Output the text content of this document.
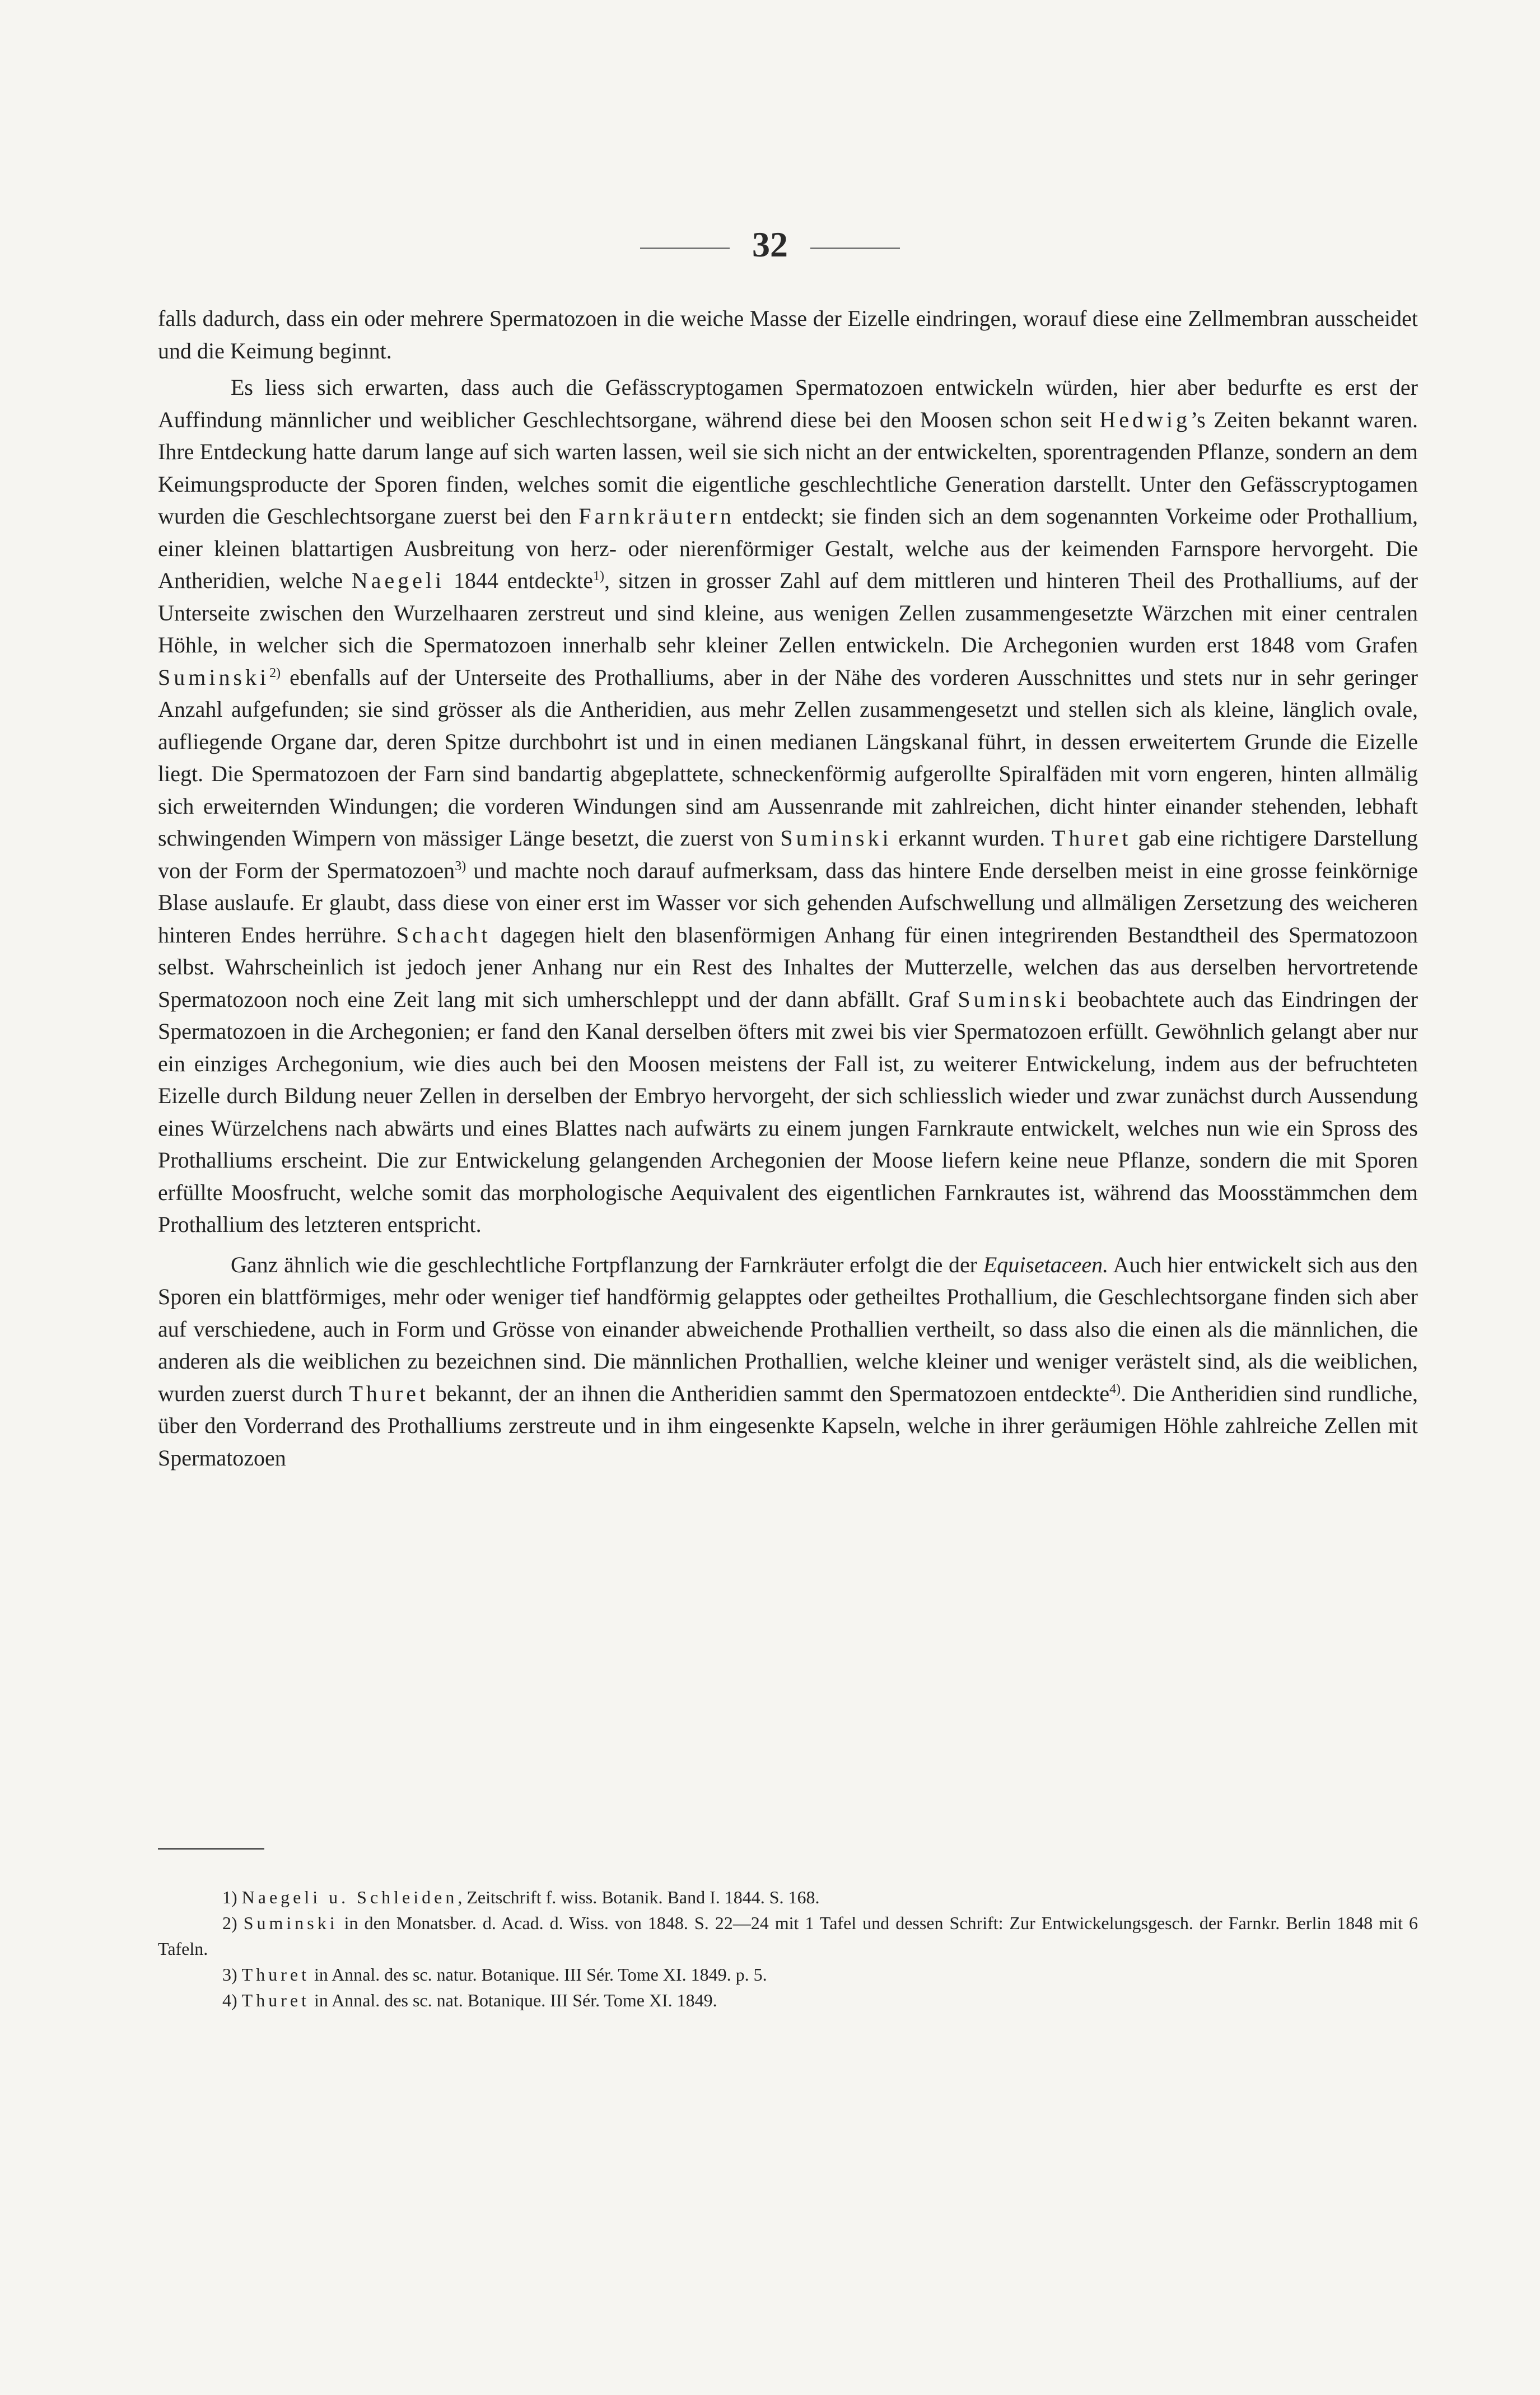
32

falls dadurch, dass ein oder mehrere Spermatozoen in die weiche Masse der Eizelle eindringen, worauf diese eine Zellmembran ausscheidet und die Keimung beginnt.

Es liess sich erwarten, dass auch die Gefässcryptogamen Spermatozoen entwickeln würden, hier aber bedurfte es erst der Auffindung männlicher und weiblicher Geschlechtsorgane, während diese bei den Moosen schon seit Hedwig’s Zeiten bekannt waren. Ihre Entdeckung hatte darum lange auf sich warten lassen, weil sie sich nicht an der entwickelten, sporentragenden Pflanze, sondern an dem Keimungsproducte der Sporen finden, welches somit die eigentliche geschlechtliche Generation darstellt. Unter den Gefässcryptogamen wurden die Geschlechtsorgane zuerst bei den Farnkräutern entdeckt; sie finden sich an dem sogenannten Vorkeime oder Prothallium, einer kleinen blattartigen Ausbreitung von herz- oder nierenförmiger Gestalt, welche aus der keimenden Farnspore hervorgeht. Die Antheridien, welche Naegeli 1844 entdeckte$^{1)}$, sitzen in grosser Zahl auf dem mittleren und hinteren Theil des Prothalliums, auf der Unterseite zwischen den Wurzelhaaren zerstreut und sind kleine, aus wenigen Zellen zusammengesetzte Wärzchen mit einer centralen Höhle, in welcher sich die Spermatozoen innerhalb sehr kleiner Zellen entwickeln. Die Archegonien wurden erst 1848 vom Grafen Suminski$^{2)}$ ebenfalls auf der Unterseite des Prothalliums, aber in der Nähe des vorderen Ausschnittes und stets nur in sehr geringer Anzahl aufgefunden; sie sind grösser als die Antheridien, aus mehr Zellen zusammengesetzt und stellen sich als kleine, länglich ovale, aufliegende Organe dar, deren Spitze durchbohrt ist und in einen medianen Längskanal führt, in dessen erweitertem Grunde die Eizelle liegt. Die Spermatozoen der Farn sind bandartig abgeplattete, schneckenförmig aufgerollte Spiralfäden mit vorn engeren, hinten allmälig sich erweiternden Windungen; die vorderen Windungen sind am Aussenrande mit zahlreichen, dicht hinter einander stehenden, lebhaft schwingenden Wimpern von mässiger Länge besetzt, die zuerst von Suminski erkannt wurden. Thuret gab eine richtigere Darstellung von der Form der Spermatozoen$^{3)}$ und machte noch darauf aufmerksam, dass das hintere Ende derselben meist in eine grosse feinkörnige Blase auslaufe. Er glaubt, dass diese von einer erst im Wasser vor sich gehenden Aufschwellung und allmäligen Zersetzung des weicheren hinteren Endes herrühre. Schacht dagegen hielt den blasenförmigen Anhang für einen integrirenden Bestandtheil des Spermatozoon selbst. Wahrscheinlich ist jedoch jener Anhang nur ein Rest des Inhaltes der Mutterzelle, welchen das aus derselben hervortretende Spermatozoon noch eine Zeit lang mit sich umherschleppt und der dann abfällt. Graf Suminski beobachtete auch das Eindringen der Spermatozoen in die Archegonien; er fand den Kanal derselben öfters mit zwei bis vier Spermatozoen erfüllt. Gewöhnlich gelangt aber nur ein einziges Archegonium, wie dies auch bei den Moosen meistens der Fall ist, zu weiterer Entwickelung, indem aus der befruchteten Eizelle durch Bildung neuer Zellen in derselben der Embryo hervorgeht, der sich schliesslich wieder und zwar zunächst durch Aussendung eines Würzelchens nach abwärts und eines Blattes nach aufwärts zu einem jungen Farnkraute entwickelt, welches nun wie ein Spross des Prothalliums erscheint. Die zur Entwickelung gelangenden Archegonien der Moose liefern keine neue Pflanze, sondern die mit Sporen erfüllte Moosfrucht, welche somit das morphologische Aequivalent des eigentlichen Farnkrautes ist, während das Moosstämmchen dem Prothallium des letzteren entspricht.

Ganz ähnlich wie die geschlechtliche Fortpflanzung der Farnkräuter erfolgt die der Equisetaceen. Auch hier entwickelt sich aus den Sporen ein blattförmiges, mehr oder weniger tief handförmig gelapptes oder getheiltes Prothallium, die Geschlechtsorgane finden sich aber auf verschiedene, auch in Form und Grösse von einander abweichende Prothallien vertheilt, so dass also die einen als die männlichen, die anderen als die weiblichen zu bezeichnen sind. Die männlichen Prothallien, welche kleiner und weniger verästelt sind, als die weiblichen, wurden zuerst durch Thuret bekannt, der an ihnen die Antheridien sammt den Spermatozoen entdeckte$^{4)}$. Die Antheridien sind rundliche, über den Vorderrand des Prothalliums zerstreute und in ihm eingesenkte Kapseln, welche in ihrer geräumigen Höhle zahlreiche Zellen mit Spermatozoen

1) Naegeli u. Schleiden, Zeitschrift f. wiss. Botanik. Band I. 1844. S. 168.

2) Suminski in den Monatsber. d. Acad. d. Wiss. von 1848. S. 22—24 mit 1 Tafel und dessen Schrift: Zur Entwickelungsgesch. der Farnkr. Berlin 1848 mit 6 Tafeln.

3) Thuret in Annal. des sc. natur. Botanique. III Sér. Tome XI. 1849. p. 5.

4) Thuret in Annal. des sc. nat. Botanique. III Sér. Tome XI. 1849.
